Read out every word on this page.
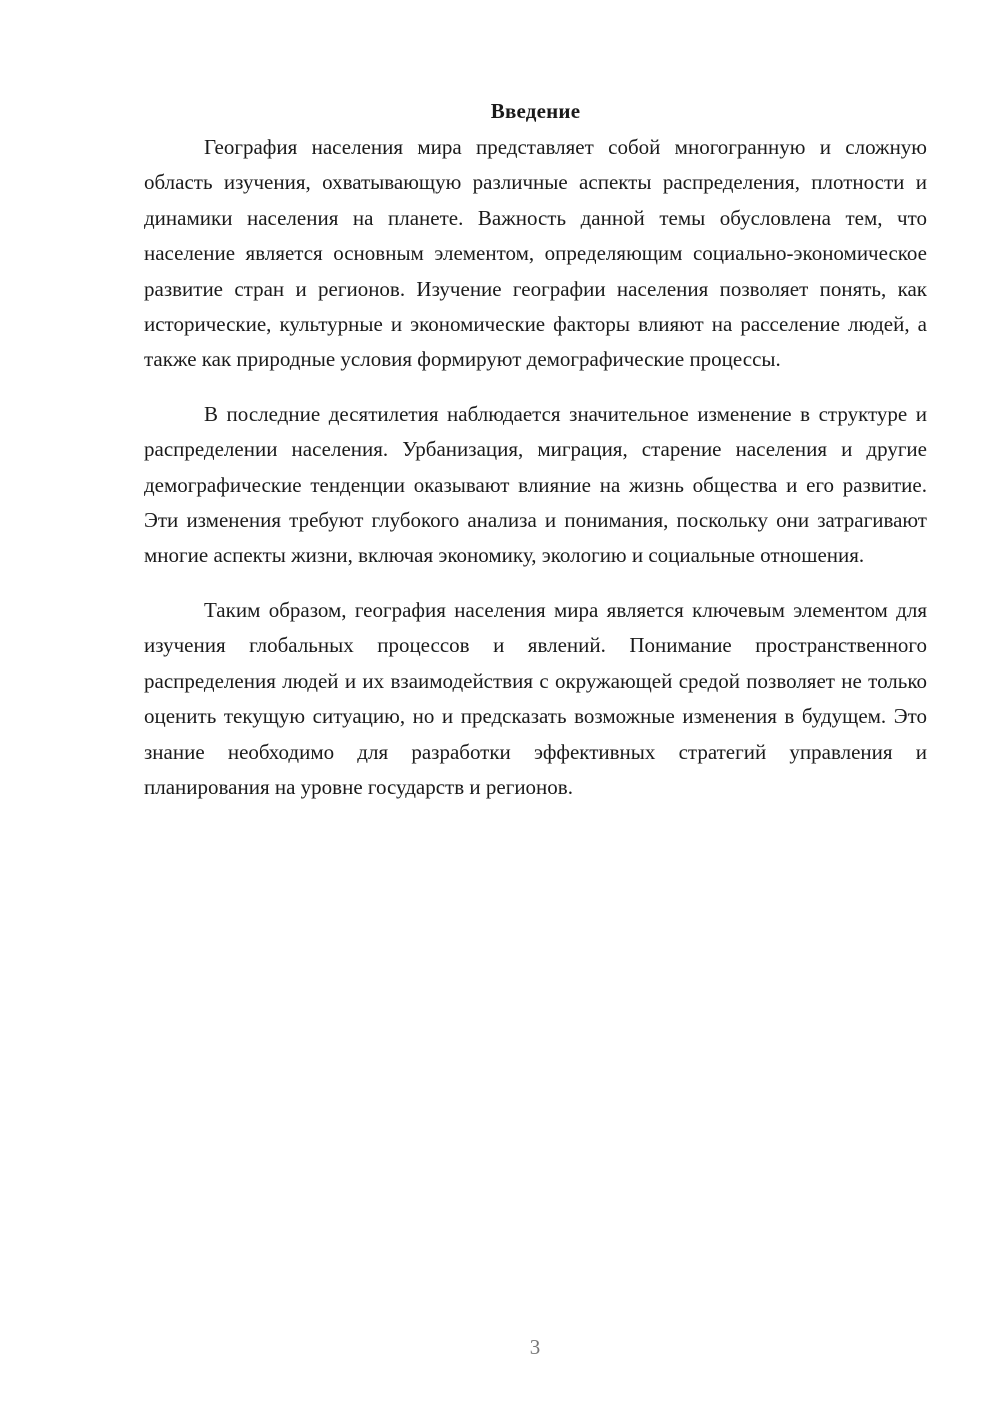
Введение

География населения мира представляет собой многогранную и сложную область изучения, охватывающую различные аспекты распределения, плотности и динамики населения на планете. Важность данной темы обусловлена тем, что население является основным элементом, определяющим социально-экономическое развитие стран и регионов. Изучение географии населения позволяет понять, как исторические, культурные и экономические факторы влияют на расселение людей, а также как природные условия формируют демографические процессы.

В последние десятилетия наблюдается значительное изменение в структуре и распределении населения. Урбанизация, миграция, старение населения и другие демографические тенденции оказывают влияние на жизнь общества и его развитие. Эти изменения требуют глубокого анализа и понимания, поскольку они затрагивают многие аспекты жизни, включая экономику, экологию и социальные отношения.

Таким образом, география населения мира является ключевым элементом для изучения глобальных процессов и явлений. Понимание пространственного распределения людей и их взаимодействия с окружающей средой позволяет не только оценить текущую ситуацию, но и предсказать возможные изменения в будущем. Это знание необходимо для разработки эффективных стратегий управления и планирования на уровне государств и регионов.

3
